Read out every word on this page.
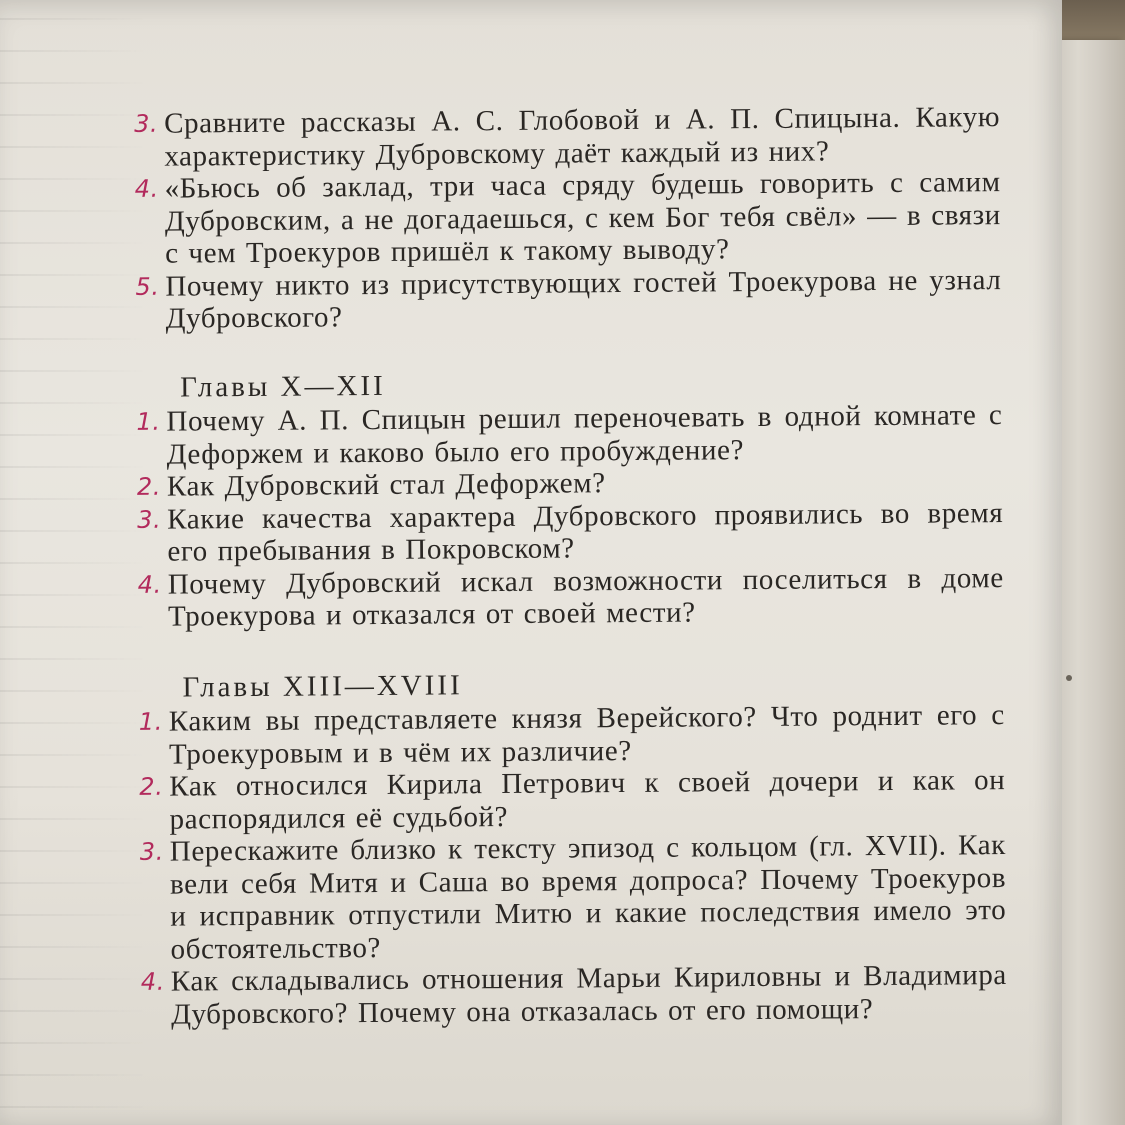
3. Сравните рассказы А. С. Глобовой и А. П. Спицына. Какую характеристику Дубровскому даёт каждый из них?
4. «Бьюсь об заклад, три часа сряду будешь говорить с самим Дубровским, а не догадаешься, с кем Бог тебя свёл» — в связи с чем Троекуров пришёл к такому выводу?
5. Почему никто из присутствующих гостей Троекурова не узнал Дубровского?
Главы X—XII
1. Почему А. П. Спицын решил переночевать в одной комнате с Дефоржем и каково было его пробуждение?
2. Как Дубровский стал Дефоржем?
3. Какие качества характера Дубровского проявились во время его пребывания в Покровском?
4. Почему Дубровский искал возможности поселиться в доме Троекурова и отказался от своей мести?
Главы XIII—XVIII
1. Каким вы представляете князя Верейского? Что роднит его с Троекуровым и в чём их различие?
2. Как относился Кирила Петрович к своей дочери и как он распорядился её судьбой?
3. Перескажите близко к тексту эпизод с кольцом (гл. XVII). Как вели себя Митя и Саша во время допроса? Почему Троекуров и исправник отпустили Митю и какие последствия имело это обстоятельство?
4. Как складывались отношения Марьи Кириловны и Владимира Дубровского? Почему она отказалась от его помощи?
